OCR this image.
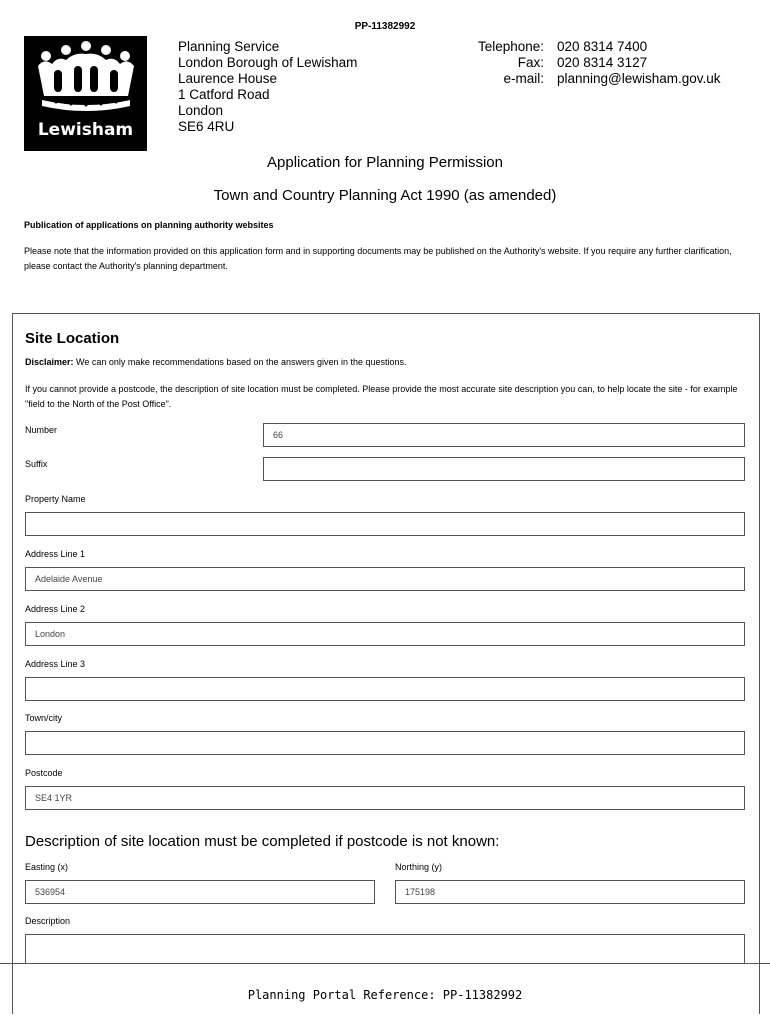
PP-11382992
Lewisham
Planning Service
London Borough of Lewisham
Laurence House
1 Catford Road
London
SE6 4RU
Telephone:
Fax:
e-mail:
020 8314 7400
020 8314 3127
planning@lewisham.gov.uk
Application for Planning Permission
Town and Country Planning Act 1990 (as amended)
Publication of applications on planning authority websites
Please note that the information provided on this application form and in supporting documents may be published on the Authority's website. If you require any further clarification, please contact the Authority's planning department.
Site Location
Disclaimer: We can only make recommendations based on the answers given in the questions.
If you cannot provide a postcode, the description of site location must be completed. Please provide the most accurate site description you can, to help locate the site - for example "field to the North of the Post Office".
Number	66
Suffix
Property Name
Address Line 1
Adelaide Avenue
Address Line 2
London
Address Line 3
Town/city
Postcode
SE4 1YR
Description of site location must be completed if postcode is not known:
Easting (x)
536954
Northing (y)
175198
Description
Planning Portal Reference: PP-11382992
